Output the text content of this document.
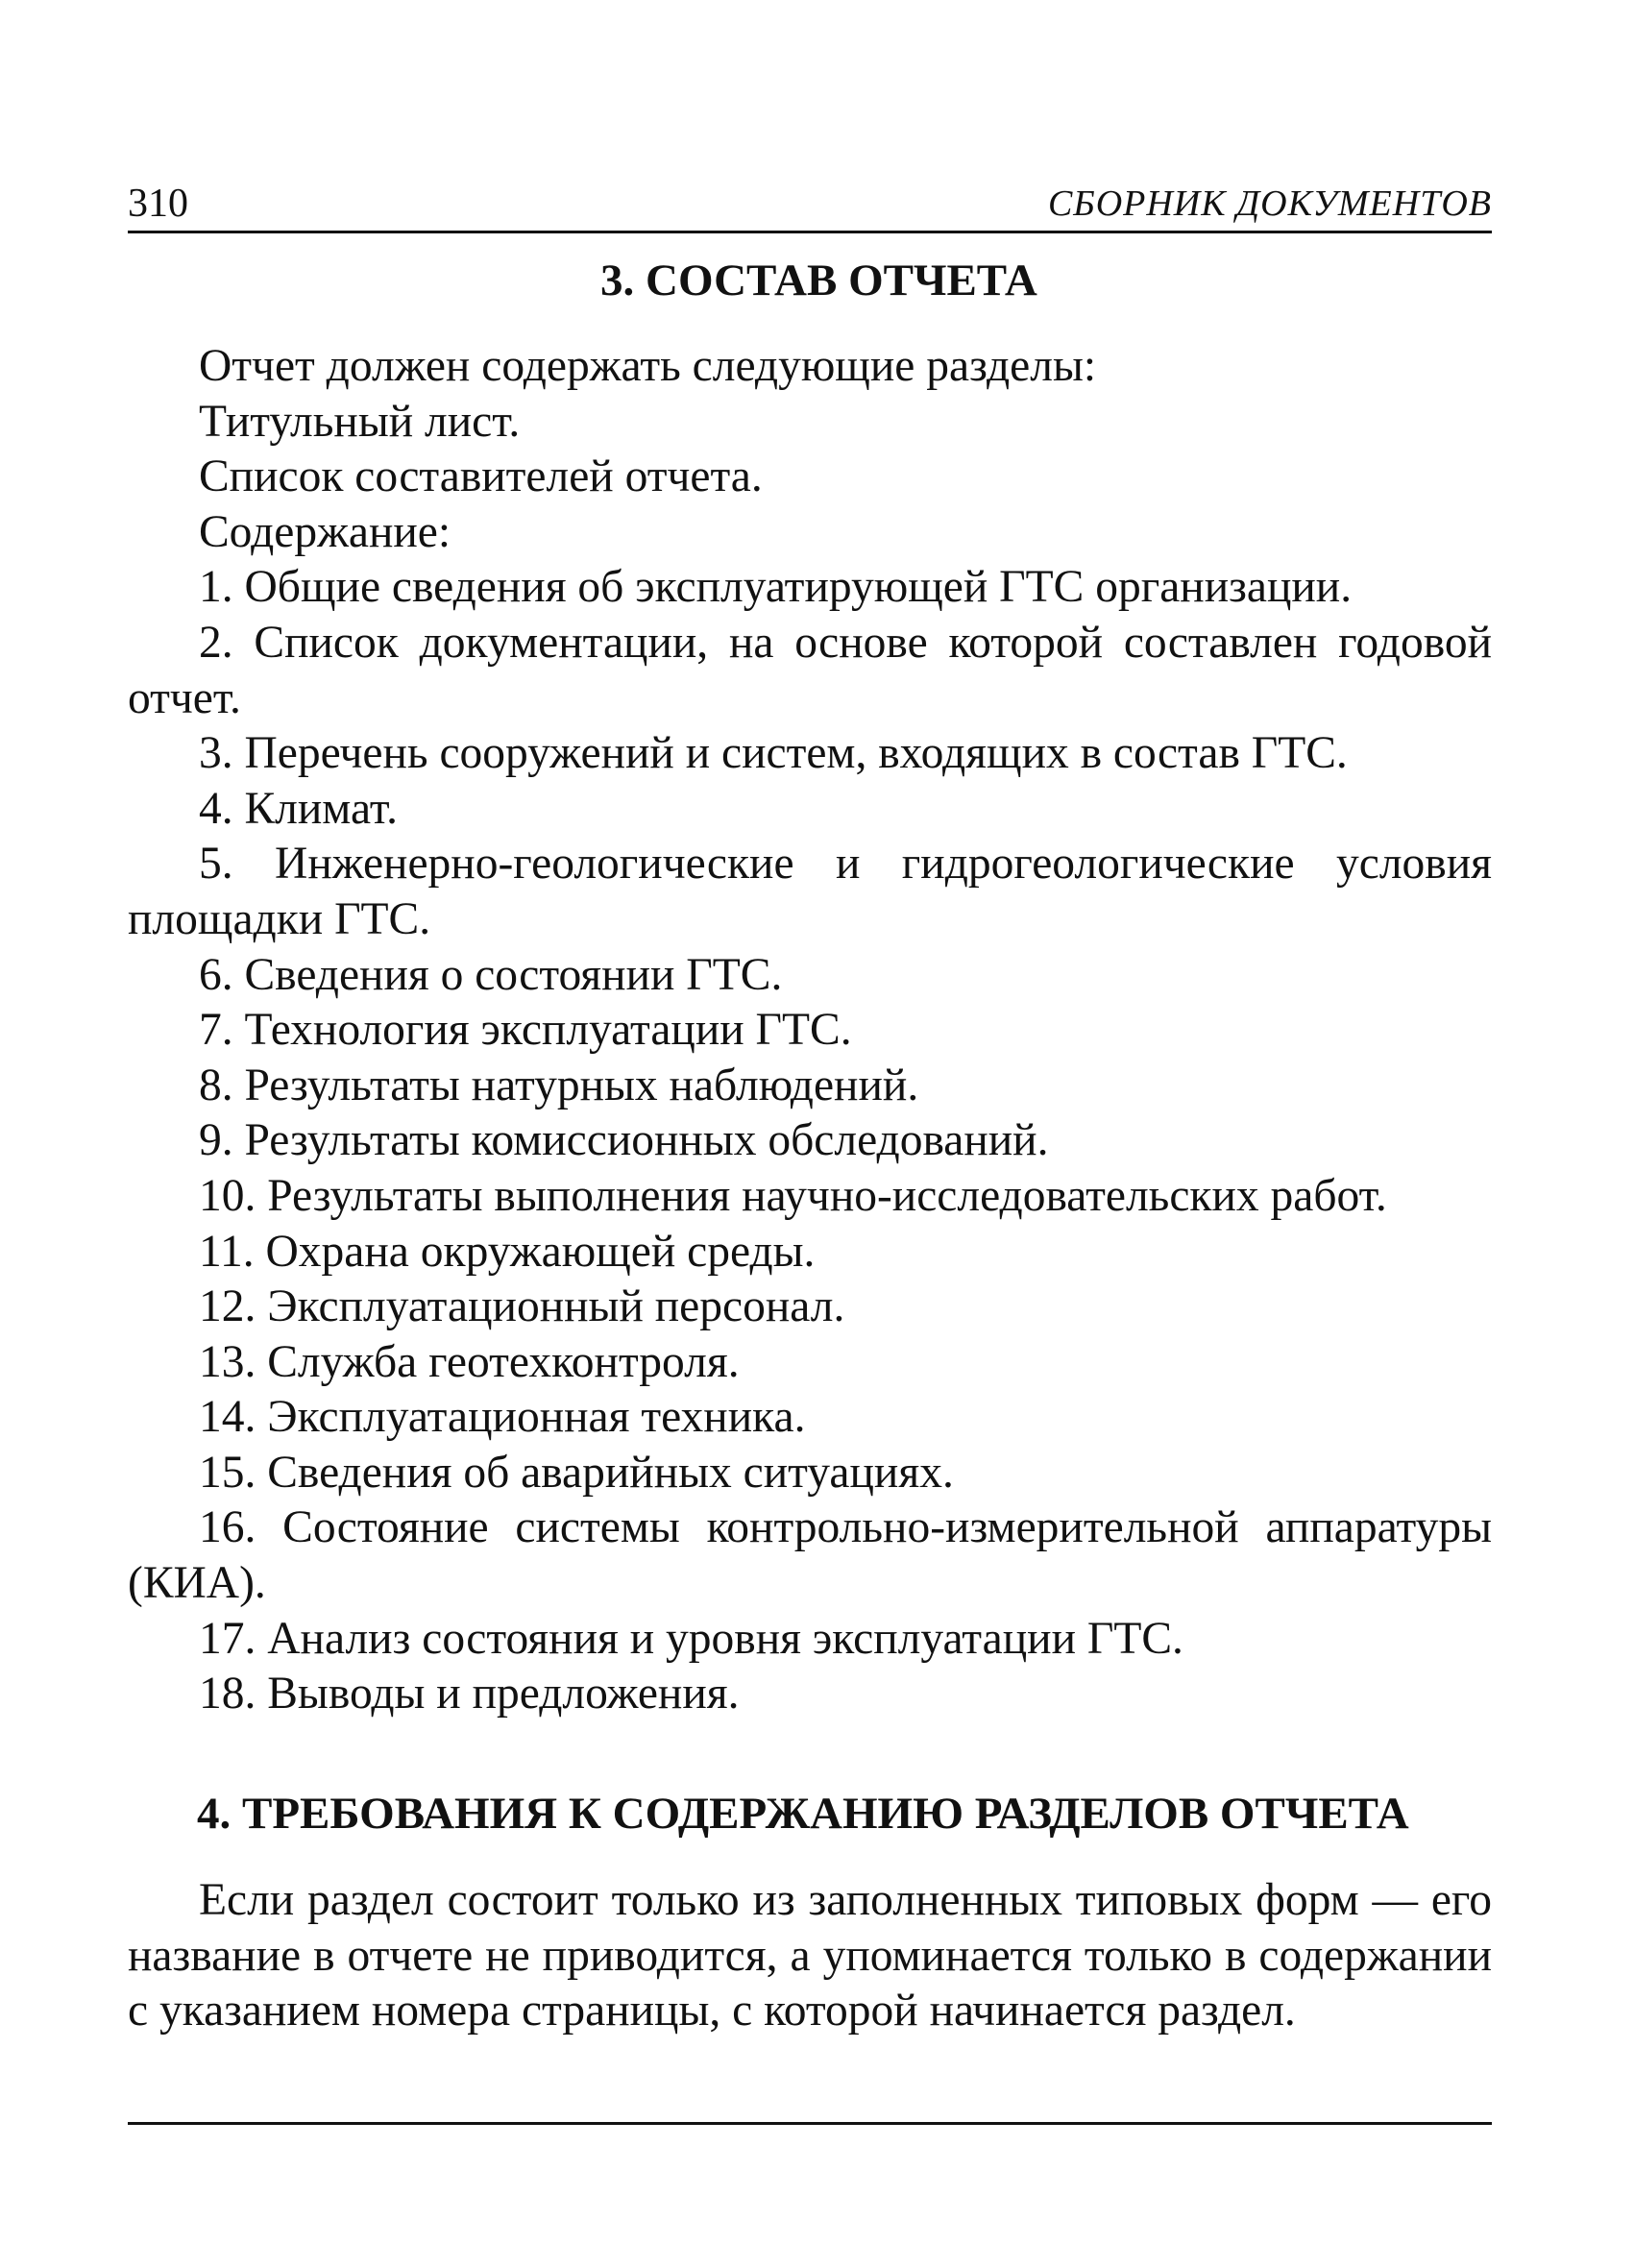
310	СБОРНИК ДОКУМЕНТОВ
3. СОСТАВ ОТЧЕТА

Отчет должен содержать следующие разделы:

Титульный лист.

Список составителей отчета.

Содержание:

1. Общие сведения об эксплуатирующей ГТС организации.

2. Список документации, на основе которой составлен годовой отчет.

3. Перечень сооружений и систем, входящих в состав ГТС.

4. Климат.

5. Инженерно-геологические и гидрогеологические условия площадки ГТС.

6. Сведения о состоянии ГТС.

7. Технология эксплуатации ГТС.

8. Результаты натурных наблюдений.

9. Результаты комиссионных обследований.

10. Результаты выполнения научно-исследовательских работ.

11. Охрана окружающей среды.

12. Эксплуатационный персонал.

13. Служба геотехконтроля.

14. Эксплуатационная техника.

15. Сведения об аварийных ситуациях.

16. Состояние системы контрольно-измерительной аппаратуры (КИА).

17. Анализ состояния и уровня эксплуатации ГТС.

18. Выводы и предложения.

4. ТРЕБОВАНИЯ К СОДЕРЖАНИЮ РАЗДЕЛОВ ОТЧЕТА

Если раздел состоит только из заполненных типовых форм — его название в отчете не приводится, а упоминается только в содержании с указанием номера страницы, с которой начинается раздел.
